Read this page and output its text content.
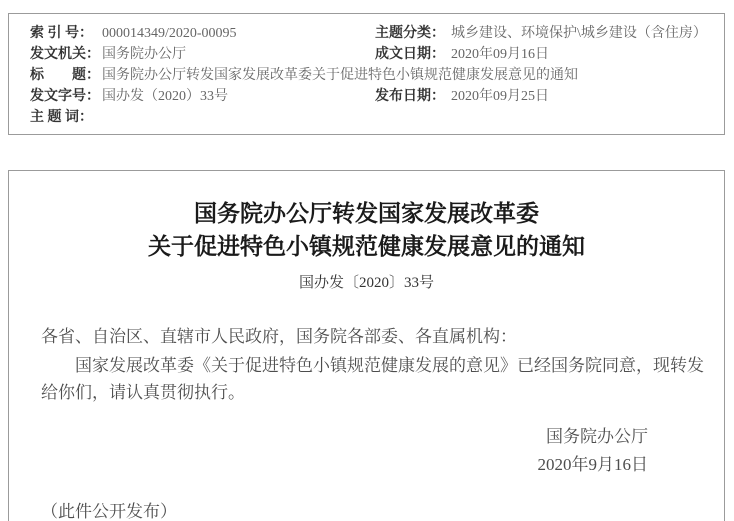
索 引 号：	000014349/2020-00095	主题分类：	城乡建设、环境保护\城乡建设（含住房）
发文机关：	国务院办公厅	成文日期：	2020年09月16日
标　　题：	国务院办公厅转发国家发展改革委关于促进特色小镇规范健康发展意见的通知		
发文字号：	国办发（2020）33号	发布日期：	2020年09月25日
主 题 词：			
国务院办公厅转发国家发展改革委
关于促进特色小镇规范健康发展意见的通知
国办发〔2020〕33号
各省、自治区、直辖市人民政府，国务院各部委、各直属机构：
国家发展改革委《关于促进特色小镇规范健康发展的意见》已经国务院同意，现转发给你们，请认真贯彻执行。
国务院办公厅
2020年9月16日
（此件公开发布）
